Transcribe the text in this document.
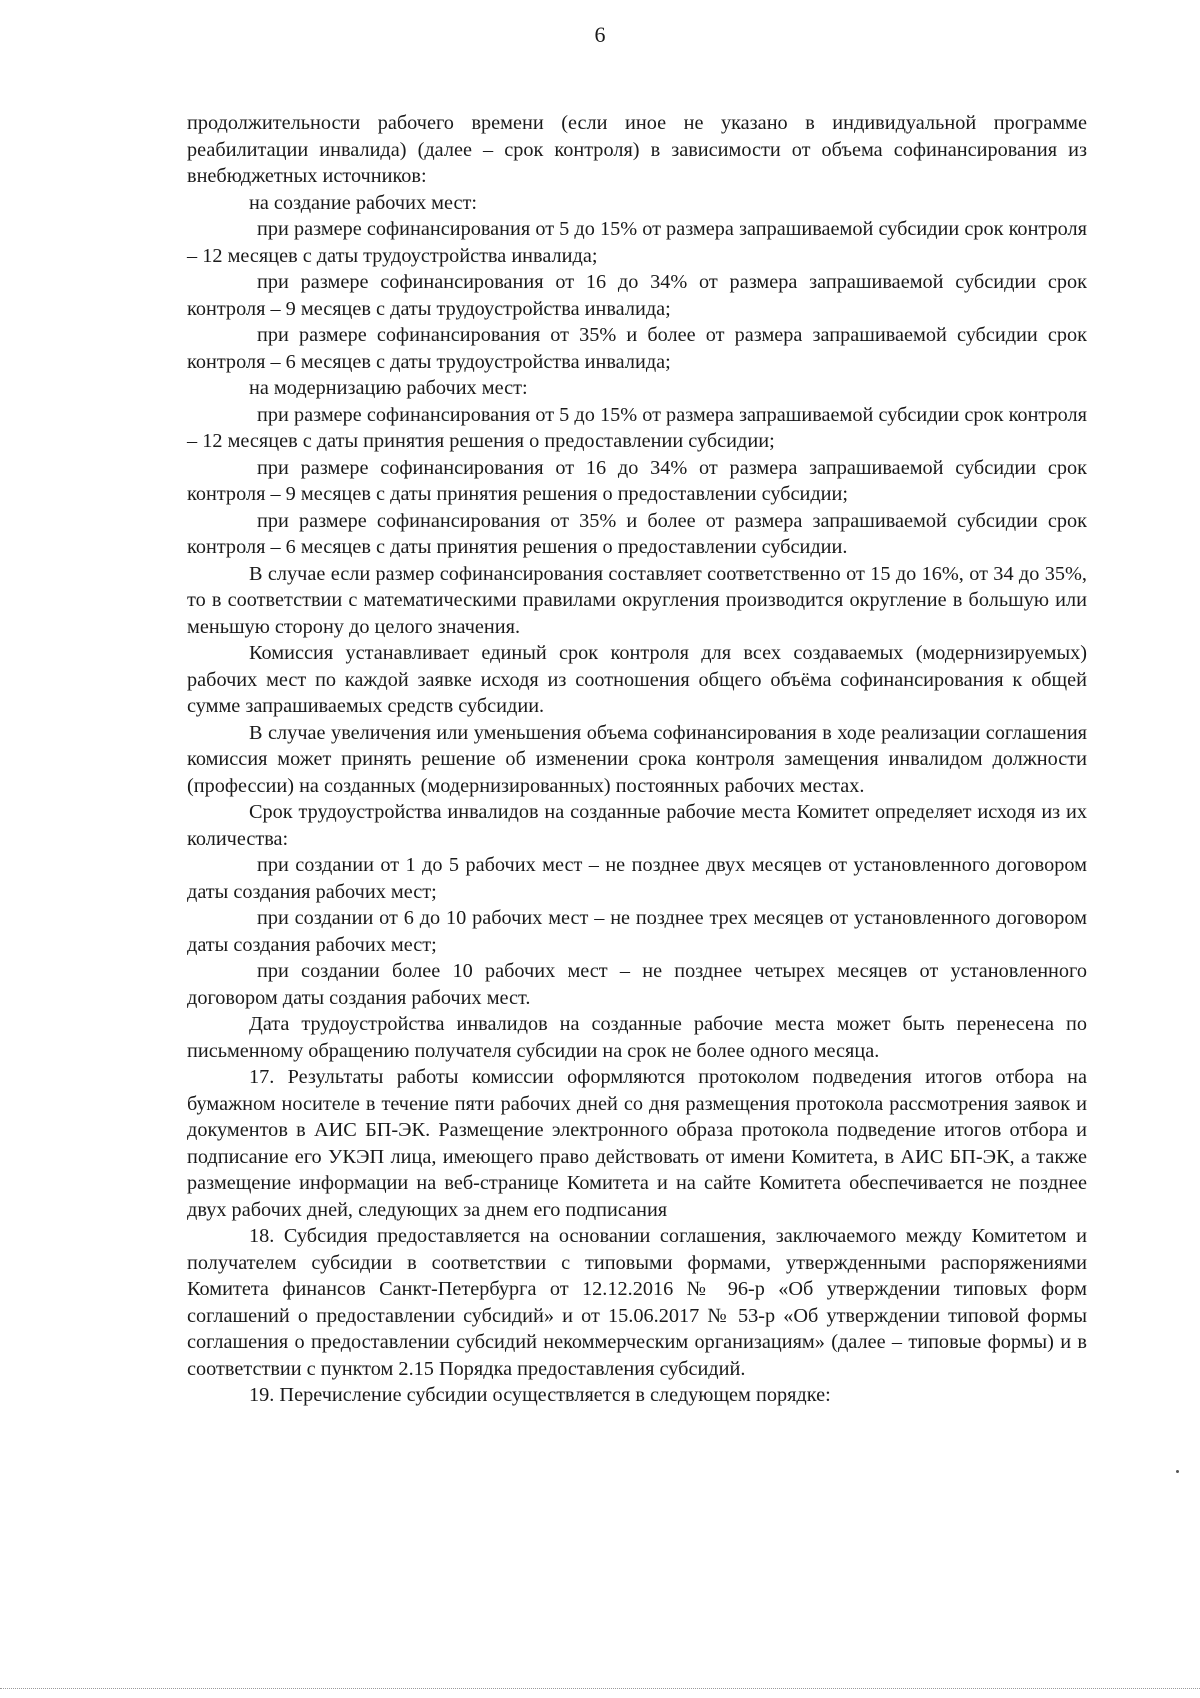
6

продолжительности рабочего времени (если иное не указано в индивидуальной программе реабилитации инвалида) (далее – срок контроля) в зависимости от объема софинансирования из внебюджетных источников:

на создание рабочих мест:

при размере софинансирования от 5 до 15% от размера запрашиваемой субсидии срок контроля – 12 месяцев с даты трудоустройства инвалида;

при размере софинансирования от 16 до 34% от размера запрашиваемой субсидии срок контроля – 9 месяцев с даты трудоустройства инвалида;

при размере софинансирования от 35% и более от размера запрашиваемой субсидии срок контроля – 6 месяцев с даты трудоустройства инвалида;

на модернизацию рабочих мест:

при размере софинансирования от 5 до 15% от размера запрашиваемой субсидии срок контроля – 12 месяцев с даты принятия решения о предоставлении субсидии;

при размере софинансирования от 16 до 34% от размера запрашиваемой субсидии срок контроля – 9 месяцев с даты принятия решения о предоставлении субсидии;

при размере софинансирования от 35% и более от размера запрашиваемой субсидии срок контроля – 6 месяцев с даты принятия решения о предоставлении субсидии.

В случае если размер софинансирования составляет соответственно от 15 до 16%, от 34 до 35%, то в соответствии с математическими правилами округления производится округление в большую или меньшую сторону до целого значения.

Комиссия устанавливает единый срок контроля для всех создаваемых (модернизируемых) рабочих мест по каждой заявке исходя из соотношения общего объёма софинансирования к общей сумме запрашиваемых средств субсидии.

В случае увеличения или уменьшения объема софинансирования в ходе реализации соглашения комиссия может принять решение об изменении срока контроля замещения инвалидом должности (профессии) на созданных (модернизированных) постоянных рабочих местах.

Срок трудоустройства инвалидов на созданные рабочие места Комитет определяет исходя из их количества:

при создании от 1 до 5 рабочих мест – не позднее двух месяцев от установленного договором даты создания рабочих мест;

при создании от 6 до 10 рабочих мест – не позднее трех месяцев от установленного договором даты создания рабочих мест;

при создании более 10 рабочих мест – не позднее четырех месяцев от установленного договором даты создания рабочих мест.

Дата трудоустройства инвалидов на созданные рабочие места может быть перенесена по письменному обращению получателя субсидии на срок не более одного месяца.

17. Результаты работы комиссии оформляются протоколом подведения итогов отбора на бумажном носителе в течение пяти рабочих дней со дня размещения протокола рассмотрения заявок и документов в АИС БП-ЭК. Размещение электронного образа протокола подведение итогов отбора и подписание его УКЭП лица, имеющего право действовать от имени Комитета, в АИС БП-ЭК, а также размещение информации на веб-странице Комитета и на сайте Комитета обеспечивается не позднее двух рабочих дней, следующих за днем его подписания

18. Субсидия предоставляется на основании соглашения, заключаемого между Комитетом и получателем субсидии в соответствии с типовыми формами, утвержденными распоряжениями Комитета финансов Санкт-Петербурга от 12.12.2016 № 96-р «Об утверждении типовых форм соглашений о предоставлении субсидий» и от 15.06.2017 № 53-р «Об утверждении типовой формы соглашения о предоставлении субсидий некоммерческим организациям» (далее – типовые формы) и в соответствии с пунктом 2.15 Порядка предоставления субсидий.

19. Перечисление субсидии осуществляется в следующем порядке:
